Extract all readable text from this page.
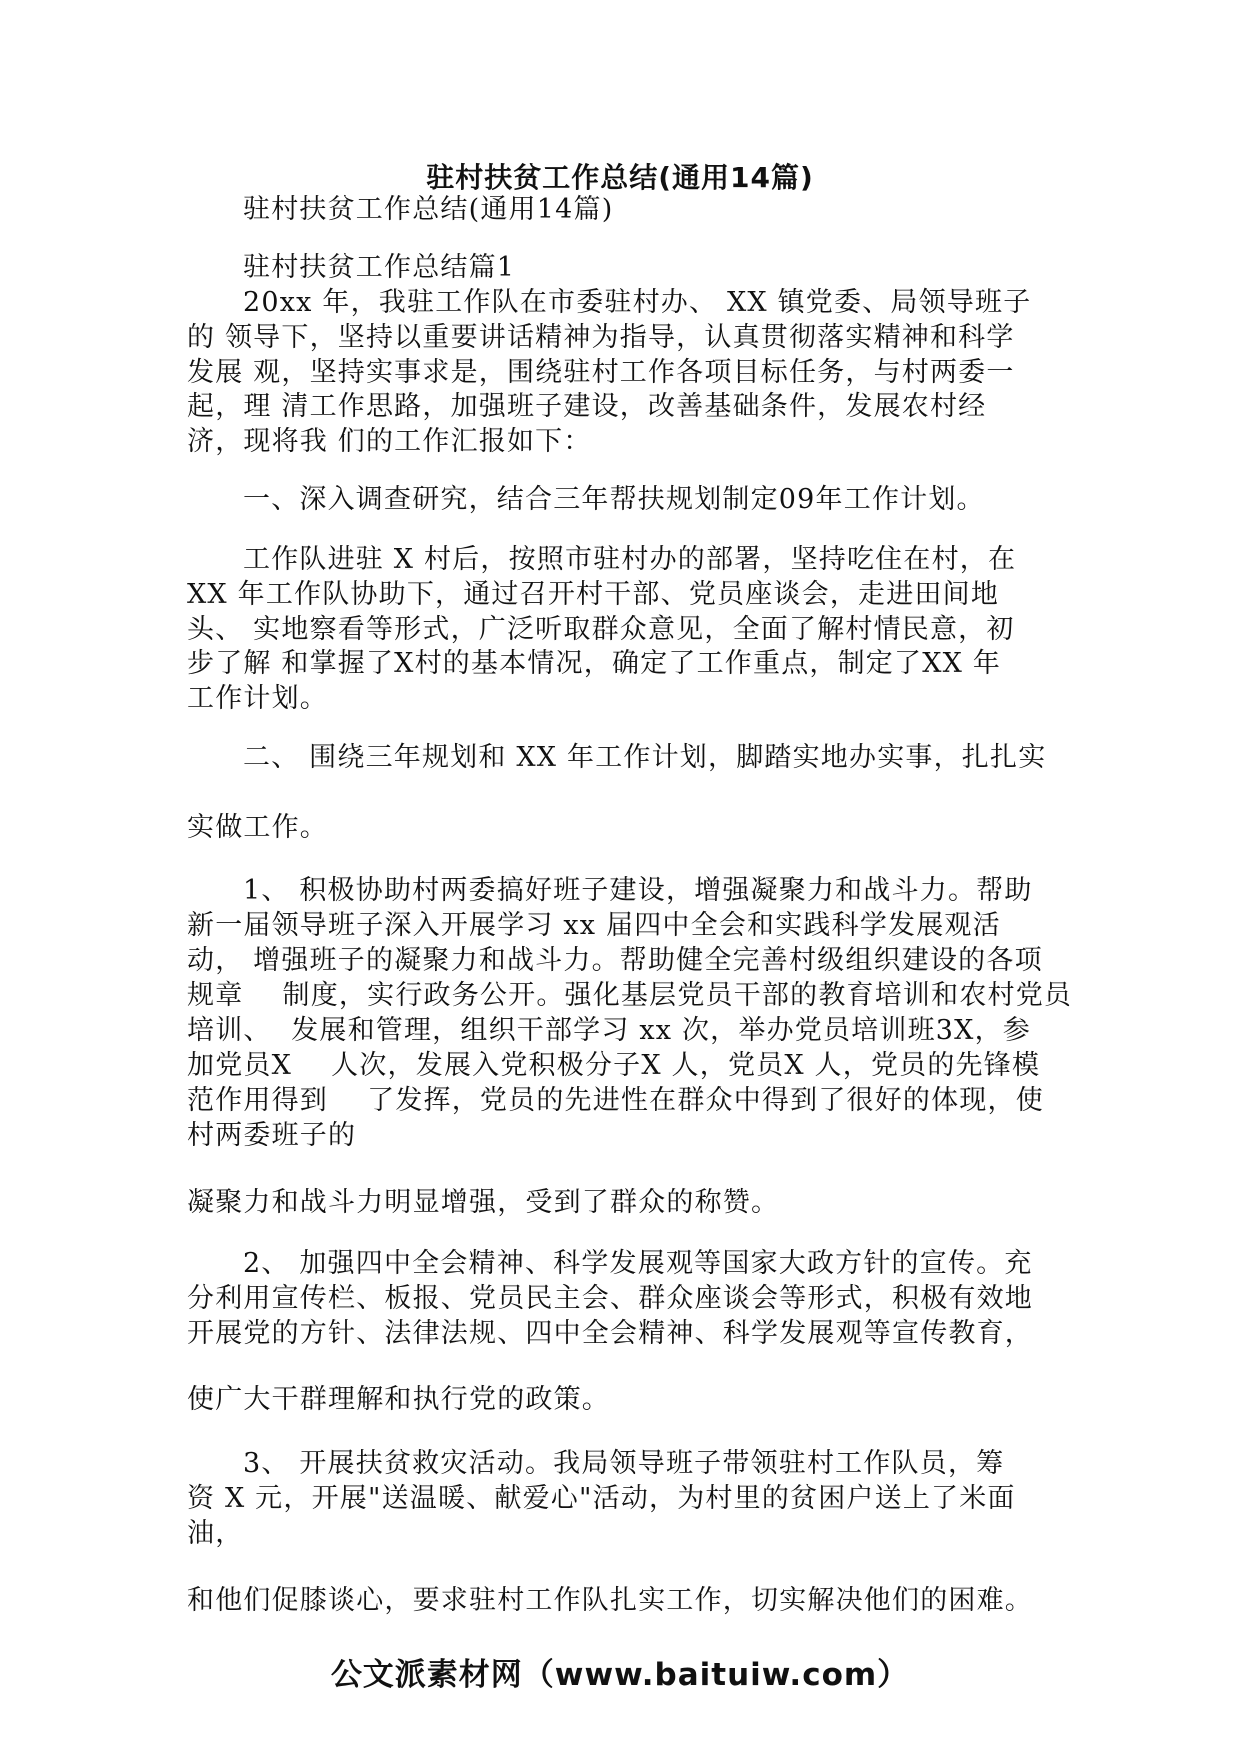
驻村扶贫工作总结(通用14篇)
驻村扶贫工作总结(通用14篇)
驻村扶贫工作总结篇1
20xx 年，我驻工作队在市委驻村办、 XX 镇党委、局领导班子
的 领导下，坚持以重要讲话精神为指导，认真贯彻落实精神和科学
发展 观，坚持实事求是，围绕驻村工作各项目标任务，与村两委一
起，理 清工作思路，加强班子建设，改善基础条件，发展农村经
济，现将我 们的工作汇报如下：
一、深入调查研究，结合三年帮扶规划制定09年工作计划。
工作队进驻 X 村后，按照市驻村办的部署，坚持吃住在村，在
XX 年工作队协助下，通过召开村干部、党员座谈会，走进田间地
头、 实地察看等形式，广泛听取群众意见，全面了解村情民意，初
步了解 和掌握了X村的基本情况，确定了工作重点，制定了XX 年
工作计划。
二、 围绕三年规划和 XX 年工作计划，脚踏实地办实事，扎扎实
实做工作。
1、 积极协助村两委搞好班子建设，增强凝聚力和战斗力。帮助
新一届领导班子深入开展学习 xx 届四中全会和实践科学发展观活
动， 增强班子的凝聚力和战斗力。帮助健全完善村级组织建设的各项
规章    制度，实行政务公开。强化基层党员干部的教育培训和农村党员
培训、  发展和管理，组织干部学习 xx 次，举办党员培训班3X，参
加党员X    人次，发展入党积极分子X 人，党员X 人，党员的先锋模
范作用得到    了发挥，党员的先进性在群众中得到了很好的体现，使
村两委班子的
凝聚力和战斗力明显增强，受到了群众的称赞。
2、 加强四中全会精神、科学发展观等国家大政方针的宣传。充
分利用宣传栏、板报、党员民主会、群众座谈会等形式，积极有效地
开展党的方针、法律法规、四中全会精神、科学发展观等宣传教育，
使广大干群理解和执行党的政策。
3、 开展扶贫救灾活动。我局领导班子带领驻村工作队员，筹
资 X 元，开展"送温暖、献爱心"活动，为村里的贫困户送上了米面
油，
和他们促膝谈心，要求驻村工作队扎实工作，切实解决他们的困难。
公文派素材网（www.baituiw.com）
